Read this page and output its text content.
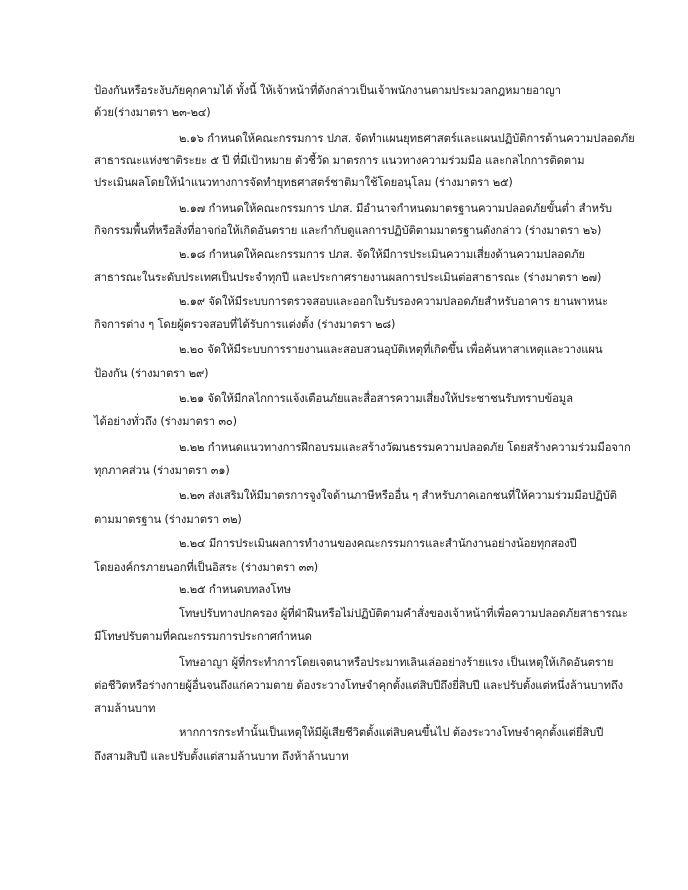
ป้องกันหรือระงับภัยคุกคามได้ ทั้งนี้ ให้เจ้าหน้าที่ดังกล่าวเป็นเจ้าพนักงานตามประมวลกฎหมายอาญา
ด้วย(ร่างมาตรา ๒๓-๒๔)
๒.๑๖ กำหนดให้คณะกรรมการ ปภส. จัดทำแผนยุทธศาสตร์และแผนปฏิบัติการด้านความปลอดภัย
สาธารณะแห่งชาติระยะ ๕ ปี ที่มีเป้าหมาย ตัวชี้วัด มาตรการ แนวทางความร่วมมือ และกลไกการติดตาม
ประเมินผลโดยให้นำแนวทางการจัดทำยุทธศาสตร์ชาติมาใช้โดยอนุโลม (ร่างมาตรา ๒๕)
๒.๑๗ กำหนดให้คณะกรรมการ ปภส. มีอำนาจกำหนดมาตรฐานความปลอดภัยขั้นต่ำ สำหรับ
กิจกรรมพื้นที่หรือสิ่งที่อาจก่อให้เกิดอันตราย และกำกับดูแลการปฏิบัติตามมาตรฐานดังกล่าว (ร่างมาตรา ๒๖)
๒.๑๘ กำหนดให้คณะกรรมการ ปภส. จัดให้มีการประเมินความเสี่ยงด้านความปลอดภัย
สาธารณะในระดับประเทศเป็นประจำทุกปี และประกาศรายงานผลการประเมินต่อสาธารณะ (ร่างมาตรา ๒๗)
๒.๑๙ จัดให้มีระบบการตรวจสอบและออกใบรับรองความปลอดภัยสำหรับอาคาร ยานพาหนะ
กิจการต่าง ๆ โดยผู้ตรวจสอบที่ได้รับการแต่งตั้ง (ร่างมาตรา ๒๘)
๒.๒๐ จัดให้มีระบบการรายงานและสอบสวนอุบัติเหตุที่เกิดขึ้น เพื่อค้นหาสาเหตุและวางแผน
ป้องกัน (ร่างมาตรา ๒๙)
๒.๒๑ จัดให้มีกลไกการแจ้งเตือนภัยและสื่อสารความเสี่ยงให้ประชาชนรับทราบข้อมูล
ได้อย่างทั่วถึง (ร่างมาตรา ๓๐)
๒.๒๒ กำหนดแนวทางการฝึกอบรมและสร้างวัฒนธรรมความปลอดภัย โดยสร้างความร่วมมือจาก
ทุกภาคส่วน (ร่างมาตรา ๓๑)
๒.๒๓ ส่งเสริมให้มีมาตรการจูงใจด้านภาษีหรืออื่น ๆ สำหรับภาคเอกชนที่ให้ความร่วมมือปฏิบัติ
ตามมาตรฐาน (ร่างมาตรา ๓๒)
๒.๒๔ มีการประเมินผลการทำงานของคณะกรรมการและสำนักงานอย่างน้อยทุกสองปี
โดยองค์กรภายนอกที่เป็นอิสระ (ร่างมาตรา ๓๓)
๒.๒๕ กำหนดบทลงโทษ
โทษปรับทางปกครอง ผู้ที่ฝ่าฝืนหรือไม่ปฏิบัติตามคำสั่งของเจ้าหน้าที่เพื่อความปลอดภัยสาธารณะ
มีโทษปรับตามที่คณะกรรมการประกาศกำหนด
โทษอาญา ผู้ที่กระทำการโดยเจตนาหรือประมาทเลินเล่ออย่างร้ายแรง เป็นเหตุให้เกิดอันตราย
ต่อชีวิตหรือร่างกายผู้อื่นจนถึงแก่ความตาย ต้องระวางโทษจำคุกตั้งแต่สิบปีถึงยี่สิบปี และปรับตั้งแต่หนึ่งล้านบาทถึง
สามล้านบาท
หากการกระทำนั้นเป็นเหตุให้มีผู้เสียชีวิตตั้งแต่สิบคนขึ้นไป ต้องระวางโทษจำคุกตั้งแต่ยี่สิบปี
ถึงสามสิบปี และปรับตั้งแต่สามล้านบาท ถึงห้าล้านบาท
